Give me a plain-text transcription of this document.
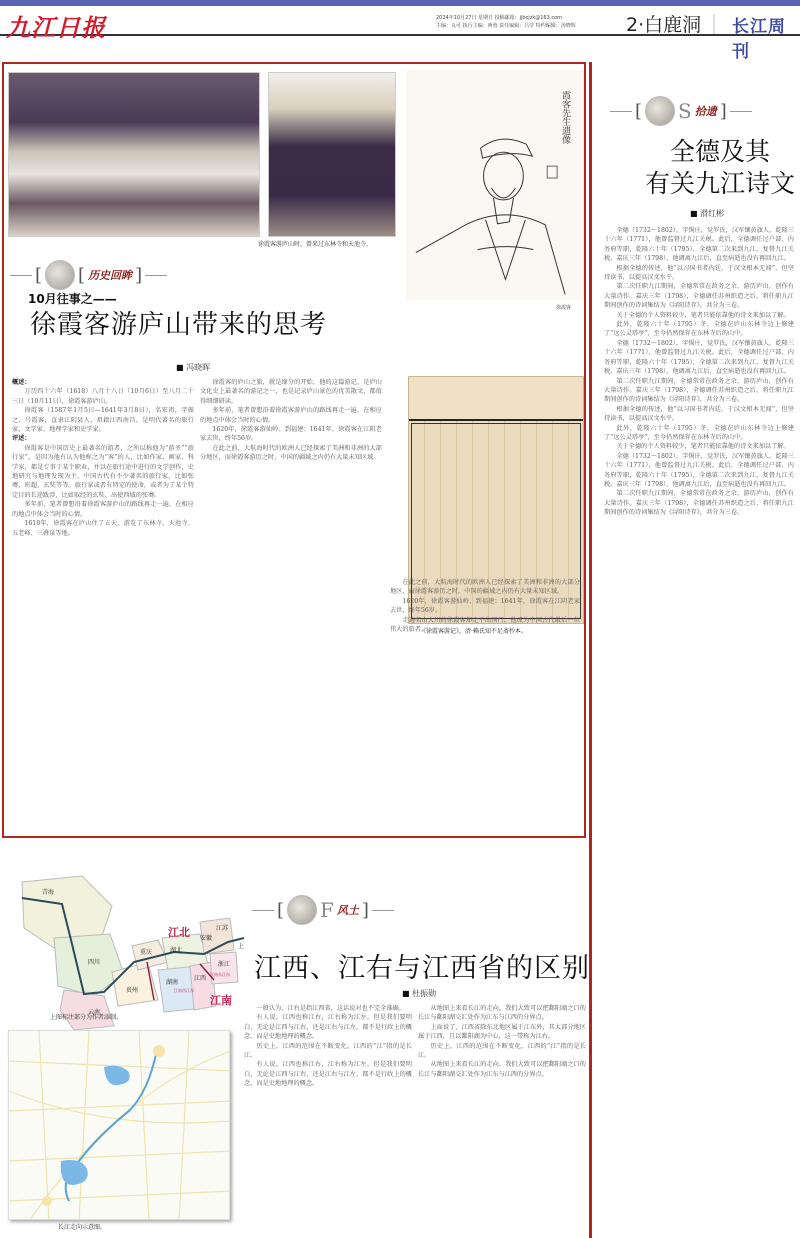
九江日报	2024年10月27日 星期日 投稿邮箱：jjbcjzk@163.com
主编：丸可 执行主编：蒋蓉 责任编辑：吕莹 特约编辑：汤晓辉	2·白鹿洞 长江周刊
徐霞客游庐山时，曾来过东林寺和天池寺。
霞客先生遗像
[ [ 历史回眸 ]
徐霞客
《徐霞客游记》，清·赖氏知不足斋抄本。
10月往事之——
徐霞客游庐山带来的思考
■ 冯晓晖

概述：

万历四十六年（1618）八月十八日（10月6日）至八月二十三日（10月11日），徐霞客游庐山。

徐霞客（1587年1月5日—1641年3月8日），名宏祖，字振之，号霞客，直隶江阴县人，祖籍江西南昌。是明代著名的旅行家、文学家、地理学家和史学家。

评述：

徐霞客是中国历史上最著名的游者，之所以称他为“游圣”“旅行家”，是因为他有认为他称之为“客”的人，比如作家、画家、科学家，都是专事于某个职业，并以在旅行途中进行的文学创作，史地研究与地理发现为主。中国古代有不少著名的旅行家，比如张骞、班超、玄奘等等。旅行家或者有特定的使命，或者为了某个特定目的长途跋涉，比如取经的玄奘、出使西域的张骞。

多年前，笔者曾想沿着徐霞客游庐山的路线再走一遍，在相应的地点中体会当时的心情。

1618年，徐霞客在庐山住了五天，游览了东林寺、天池寺、五老峰、三叠泉等地。

徐霞客的庐山之旅，就是缘分的开始，他的这篇游记，是庐山文化史上最著名的游记之一，也是记录庐山景色的优美散文，都值得细细研读。

多年前，笔者曾想沿着徐霞客游庐山的路线再走一遍，在相应的地点中体会当时的心情。

1620年，徐霞客游仙岭、到福建；1641年，徐霞客在江阴老家去世，终年56岁。

在此之前，大航海时代的欧洲人已经探索了美洲和非洲的大部分地区，而徐霞客游历之时，中国的疆域之内仍有大量未知区域。

在此之前，大航海时代的欧洲人已经探索了美洲和非洲的大部分地区，而徐霞客游历之时，中国的疆域之内仍有大量未知区域。

1620年，徐霞客游仙岭、到福建；1641年，徐霞客在江阴老家去世，终年56岁。

走遍名山大川的徐霞客却走不出国门，他成为中国古代最后一位伟大的旅者。

[ S 拾遗 ]
全德及其
有关九江诗文
■ 滑红彬

全德（1732～1802），字惕庄，觉罗氏，汉军镶黄旗人。乾隆三十六年（1771），他曾监督过九江关税。此后，全德调任过户部、内务府等职，乾隆六十年（1795），全德第二次来到九江，复督九江关税。嘉庆三年（1798），他调离九江后，直至病逝也没有再回九江。

根据全德的传述，他“以习国书者内廷，于汉文根本无闻”，但坚持读书，以提高汉文水平。

第二次任职九江期间，全德常常在政务之余，游历庐山，创作有大量诗作。嘉庆三年（1798），全德调任苏州织造之后，将任职九江期间创作的诗词集结为《浔阳诗存》，共分为三卷。

关于全德的个人资料较少，笔者只能依靠他的诗文来加以了解。

此外，乾隆六十年（1795）冬，全德在庐山东林寺边上修建了“远公灵塔亭”，至今仍然保存在东林寺后的山中。

全德（1732～1802），字惕庄，觉罗氏，汉军镶黄旗人。乾隆三十六年（1771），他曾监督过九江关税。此后，全德调任过户部、内务府等职，乾隆六十年（1795），全德第二次来到九江，复督九江关税。嘉庆三年（1798），他调离九江后，直至病逝也没有再回九江。

第二次任职九江期间，全德常常在政务之余，游历庐山，创作有大量诗作。嘉庆三年（1798），全德调任苏州织造之后，将任职九江期间创作的诗词集结为《浔阳诗存》，共分为三卷。

根据全德的传述，他“以习国书者内廷，于汉文根本无闻”，但坚持读书，以提高汉文水平。

此外，乾隆六十年（1795）冬，全德在庐山东林寺边上修建了“远公灵塔亭”，至今仍然保存在东林寺后的山中。

关于全德的个人资料较少，笔者只能依靠他的诗文来加以了解。

全德（1732～1802），字惕庄，觉罗氏，汉军镶黄旗人。乾隆三十六年（1771），他曾监督过九江关税。此后，全德调任过户部、内务府等职，乾隆六十年（1795），全德第二次来到九江，复督九江关税。嘉庆三年（1798），他调离九江后，直至病逝也没有再回九江。

第二次任职九江期间，全德常常在政务之余，游历庐山，创作有大量诗作。嘉庆三年（1798），全德调任苏州织造之后，将任职九江期间创作的诗词集结为《浔阳诗存》，共分为三卷。

青海
四川
重庆
贵州
云南
湖北
湖南
江西
安徽
江苏
浙江
上
江南西江东
江南东江东
江北
江南
上图标注部分为作者添制。
长江走向示意图。
[ F 风土 ]
江西、江右与江西省的区别
■ 杜振勋

一般认为，江右是指江西省，这话说对也不完全准确。

有人说，江西也称江右，江右称为江左。但是我们要明白，无论是江西与江右，还是江右与江左，都不是行政上的概念，而是史地地理的概念。

历史上，江西的范围在不断变化，江西的“江”指的是长江。

有人说，江西也称江右，江右称为江左。但是我们要明白，无论是江西与江右，还是江右与江左，都不是行政上的概念，而是史地地理的概念。

从地图上来看长江的走向，我们大致可以把鄱阳湖之口的长江与鄱阳湖交汇处作为江东与江西的分界点。

上面说了，江西省除东北地区属于江东外，其大部分地区属于江西，且以鄱阳湖为中心，这一带称为江右。

历史上，江西的范围在不断变化，江西的“江”指的是长江。

从地图上来看长江的走向，我们大致可以把鄱阳湖之口的长江与鄱阳湖交汇处作为江东与江西的分界点。
